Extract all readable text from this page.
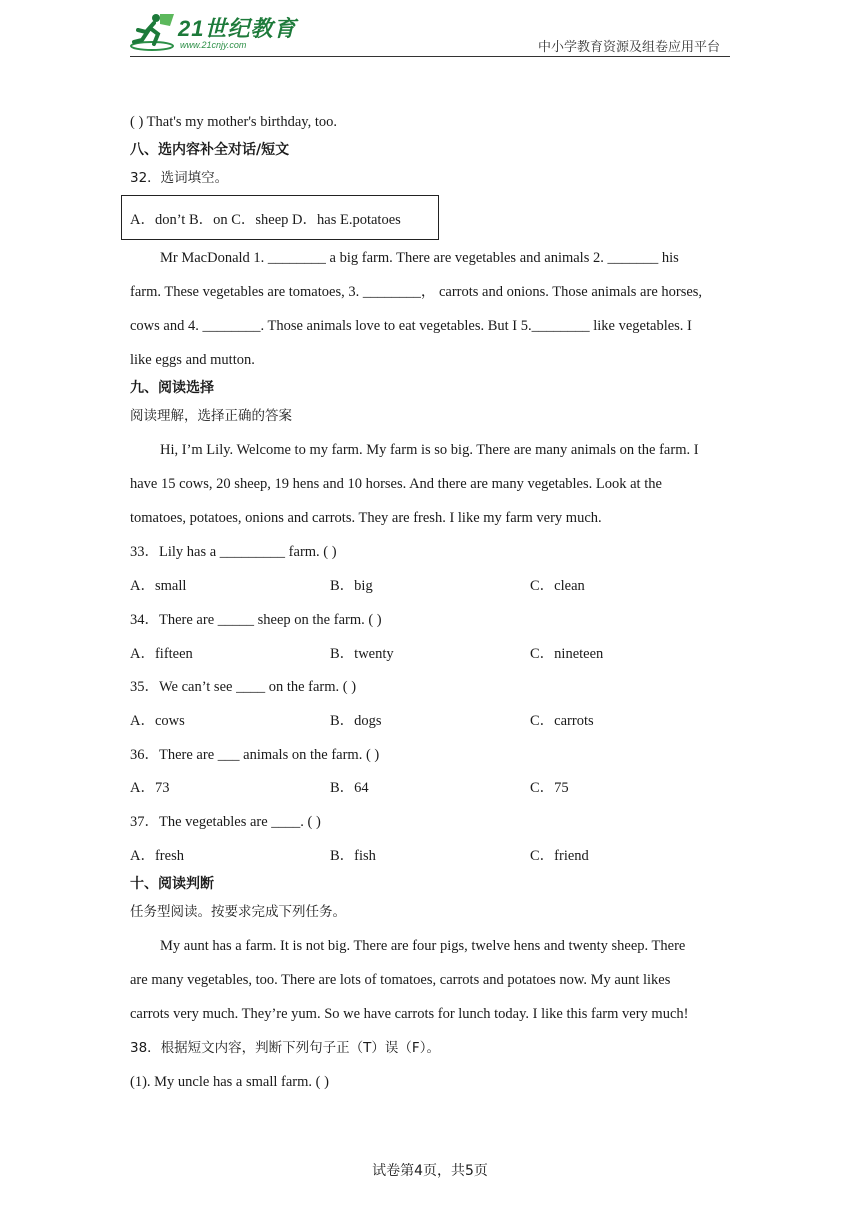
21世纪教育
www.21cnjy.com	中小学教育资源及组卷应用平台
( ) That's my mother's birthday, too.
八、选内容补全对话/短文
32．选词填空。
A．don’t B．on C．sheep D．has E.potatoes
Mr MacDonald 1. ________ a big farm. There are vegetables and animals 2. _______ his
farm. These vegetables are tomatoes, 3. ________， carrots and onions. Those animals are horses,
cows and 4. ________. Those animals love to eat vegetables. But I 5.________ like vegetables. I
like eggs and mutton.
九、阅读选择
阅读理解，选择正确的答案
Hi, I’m Lily. Welcome to my farm. My farm is so big. There are many animals on the farm. I
have 15 cows, 20 sheep, 19 hens and 10 horses. And there are many vegetables. Look at the
tomatoes, potatoes, onions and carrots. They are fresh. I like my farm very much.
33．Lily has a _________ farm. ( )
A．small	B．big	C．clean
34．There are _____ sheep on the farm. ( )
A．fifteen	B．twenty	C．nineteen
35．We can’t see ____ on the farm. ( )
A．cows	B．dogs	C．carrots
36．There are ___ animals on the farm. ( )
A．73	B．64	C．75
37．The vegetables are ____. ( )
A．fresh	B．fish	C．friend
十、阅读判断
任务型阅读。按要求完成下列任务。
My aunt has a farm. It is not big. There are four pigs, twelve hens and twenty sheep. There
are many vegetables, too. There are lots of tomatoes, carrots and potatoes now. My aunt likes
carrots very much. They’re yum. So we have carrots for lunch today. I like this farm very much!
38．根据短文内容，判断下列句子正（T）误（F）。
(1). My uncle has a small farm. ( )
试卷第4页，共5页
